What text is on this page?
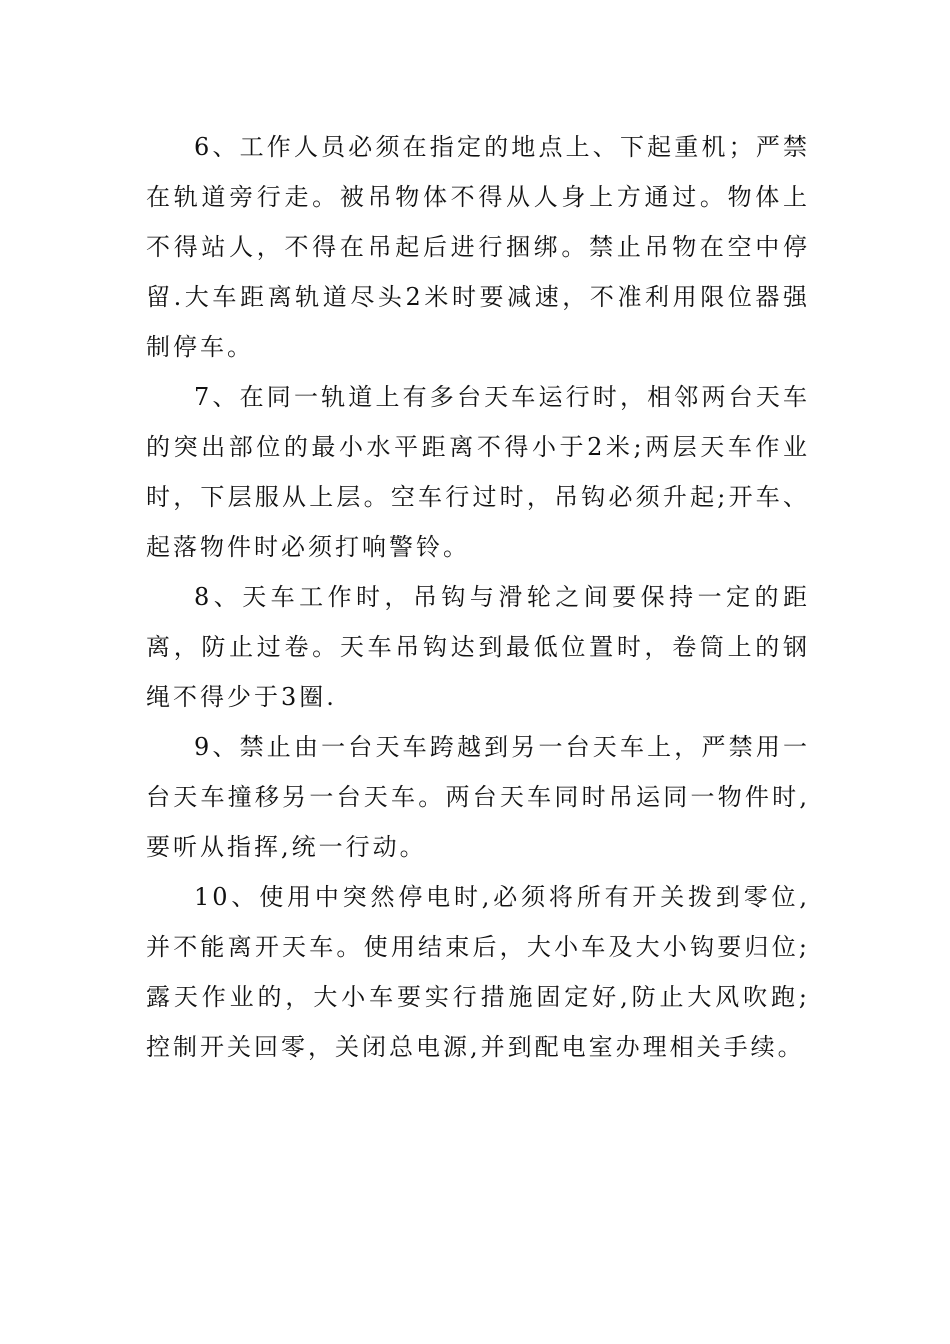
6、工作人员必须在指定的地点上、下起重机；严禁在轨道旁行走。被吊物体不得从人身上方通过。物体上不得站人，不得在吊起后进行捆绑。禁止吊物在空中停留.大车距离轨道尽头2米时要减速，不准利用限位器强制停车。

7、在同一轨道上有多台天车运行时，相邻两台天车的突出部位的最小水平距离不得小于2米;两层天车作业时，下层服从上层。空车行过时，吊钩必须升起;开车、起落物件时必须打响警铃。

8、天车工作时，吊钩与滑轮之间要保持一定的距离，防止过卷。天车吊钩达到最低位置时，卷筒上的钢绳不得少于3圈.

9、禁止由一台天车跨越到另一台天车上，严禁用一台天车撞移另一台天车。两台天车同时吊运同一物件时,要听从指挥,统一行动。

10、使用中突然停电时,必须将所有开关拨到零位,并不能离开天车。使用结束后，大小车及大小钩要归位;露天作业的，大小车要实行措施固定好,防止大风吹跑;控制开关回零，关闭总电源,并到配电室办理相关手续。
